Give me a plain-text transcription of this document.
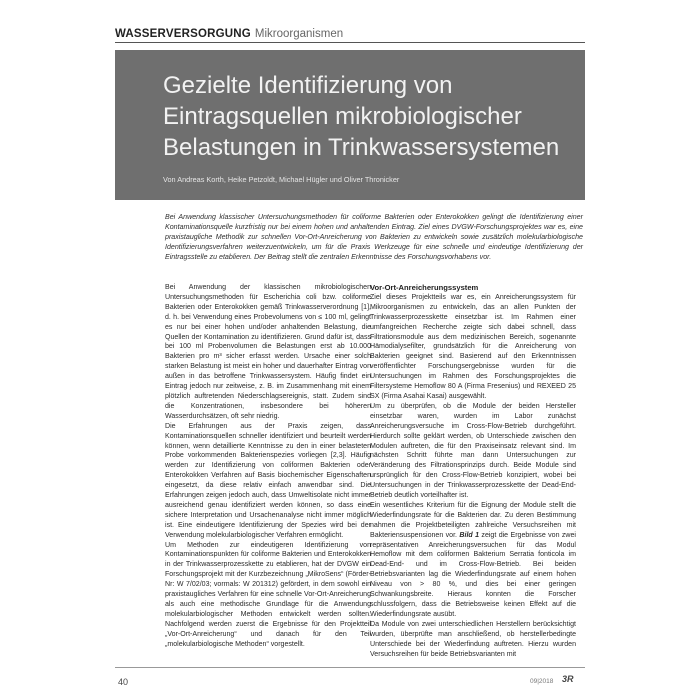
WASSERVERSORGUNG Mikroorganismen
Gezielte Identifizierung von Eintragsquellen mikrobiologischer Belastungen in Trinkwassersystemen
Von Andreas Korth, Heike Petzoldt, Michael Hügler und Oliver Thronicker

Bei Anwendung klassischer Untersuchungsmethoden für coliforme Bakterien oder Enterokokken gelingt die Identifizierung einer Kontaminationsquelle kurzfristig nur bei einem hohen und anhaltenden Eintrag. Ziel eines DVGW-Forschungsprojektes war es, eine praxistaugliche Methodik zur schnellen Vor-Ort-Anreicherung von Bakterien zu entwickeln sowie zusätzlich molekularbiologische Identifizierungsverfahren weiterzuentwickeln, um für die Praxis Werkzeuge für eine schnelle und eindeutige Identifizierung der Eintragsstelle zu etablieren. Der Beitrag stellt die zentralen Erkenntnisse des Forschungsvorhabens vor.

Bei Anwendung der klassischen mikrobiologischen Untersuchungsmethoden für Escherichia coli bzw. coliforme Bakterien oder Enterokokken gemäß Trinkwasserverordnung [1], d. h. bei Verwendung eines Probevolumens von ≤ 100 ml, gelingt es nur bei einer hohen und/oder anhaltenden Belastung, die Quellen der Kontamination zu identifizieren. Grund dafür ist, dass bei 100 ml Probenvolumen die Belastungen erst ab 10.000 Bakterien pro m³ sicher erfasst werden. Ursache einer solch starken Belastung ist meist ein hoher und dauerhafter Eintrag von außen in das betroffene Trinkwassersystem. Häufig findet ein Eintrag jedoch nur zeitweise, z. B. im Zusammenhang mit einem plötzlich auftretenden Niederschlagsereignis, statt. Zudem sind die Konzentrationen, insbesondere bei höheren Wasserdurchsätzen, oft sehr niedrig.

Die Erfahrungen aus der Praxis zeigen, dass Kontaminationsquellen schneller identifiziert und beurteilt werden können, wenn detaillierte Kenntnisse zu den in einer belasteten Probe vorkommenden Bakterienspezies vorliegen [2,3]. Häufig werden zur Identifizierung von coliformen Bakterien oder Enterokokken Verfahren auf Basis biochemischer Eigenschaften eingesetzt, da diese relativ einfach anwendbar sind. Die Erfahrungen zeigen jedoch auch, dass Umweltisolate nicht immer ausreichend genau identifiziert werden können, so dass eine sichere Interpretation und Ursachenanalyse nicht immer möglich ist. Eine eindeutigere Identifizierung der Spezies wird bei der Verwendung molekularbiologischer Verfahren ermöglicht.

Um Methoden zur eindeutigeren Identifizierung von Kontaminationspunkten für coliforme Bakterien und Enterokokken in der Trinkwasserprozesskette zu etablieren, hat der DVGW ein Forschungsprojekt mit der Kurzbezeichnung „MikroSens“ (Förder-Nr: W 7/02/03; vormals: W 201312) gefördert, in dem sowohl ein praxistaugliches Verfahren für eine schnelle Vor-Ort-Anreicherung als auch eine methodische Grundlage für die Anwendung molekularbiologischer Methoden entwickelt werden sollten. Nachfolgend werden zuerst die Ergebnisse für den Projektteil „Vor-Ort-Anreicherung“ und danach für den Teil „molekularbiologische Methoden“ vorgestellt.

Vor-Ort-Anreicherungssystem

Ziel dieses Projektteils war es, ein Anreicherungssystem für Mikroorganismen zu entwickeln, das an allen Punkten der Trinkwasserprozesskette einsetzbar ist. Im Rahmen einer umfangreichen Recherche zeigte sich dabei schnell, dass Filtrationsmodule aus dem medizinischen Bereich, sogenannte Hämodialysefilter, grundsätzlich für die Anreicherung von Bakterien geeignet sind. Basierend auf den Erkenntnissen veröffentlichter Forschungsergebnisse wurden für die Untersuchungen im Rahmen des Forschungsprojektes die Filtersysteme Hemoflow 80 A (Firma Fresenius) und REXEED 25 SX (Firma Asahai Kasai) ausgewählt.

Um zu überprüfen, ob die Module der beiden Hersteller einsetzbar waren, wurden im Labor zunächst Anreicherungsversuche im Cross-Flow-Betrieb durchgeführt. Hierdurch sollte geklärt werden, ob Unterschiede zwischen den Modulen auftreten, die für den Praxiseinsatz relevant sind. Im nächsten Schritt führte man dann Untersuchungen zur Veränderung des Filtrationsprinzips durch. Beide Module sind ursprünglich für den Cross-Flow-Betrieb konzipiert, wobei bei Untersuchungen in der Trinkwasserprozesskette der Dead-End-Betrieb deutlich vorteilhafter ist.

Ein wesentliches Kriterium für die Eignung der Module stellt die Wiederfindungsrate für die Bakterien dar. Zu deren Bestimmung nahmen die Projektbeteiligten zahlreiche Versuchsreihen mit Bakteriensuspensionen vor. Bild 1 zeigt die Ergebnisse von zwei repräsentativen Anreicherungsversuchen für das Modul Hemoflow mit dem coliformen Bakterium Serratia fonticola im Dead-End- und im Cross-Flow-Betrieb. Bei beiden Betriebsvarianten lag die Wiederfindungsrate auf einem hohen Niveau von > 80 %, und dies bei einer geringen Schwankungsbreite. Hieraus konnten die Forscher schlussfolgern, dass die Betriebsweise keinen Effekt auf die Wiederfindungsrate ausübt.

Da Module von zwei unterschiedlichen Herstellern berücksichtigt wurden, überprüfte man anschließend, ob herstellerbedingte Unterschiede bei der Wiederfindung auftreten. Hierzu wurden Versuchsreihen für beide Betriebsvarianten mit

40	09|2018 3R
